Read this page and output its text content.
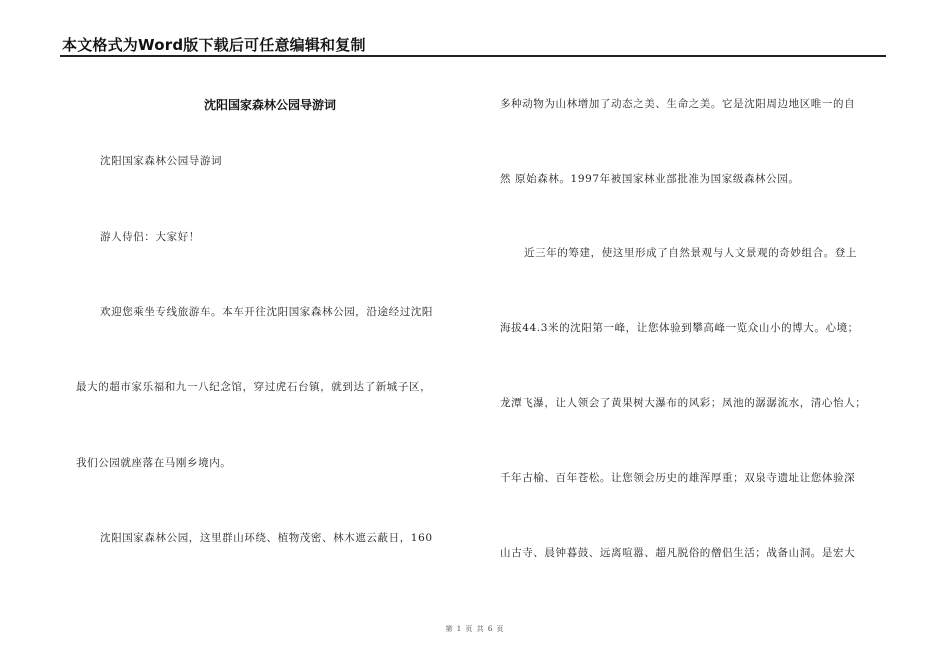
本文格式为Word版下载后可任意编辑和复制
沈阳国家森林公园导游词
沈阳国家森林公园导游词
游人侍侣：大家好！
欢迎您乘坐专线旅游车。本车开往沈阳国家森林公园，沿途经过沈阳
最大的超市家乐福和九一八纪念馆，穿过虎石台镇，就到达了新城子区，
我们公园就座落在马刚乡境内。
沈阳国家森林公园，这里群山环绕、植物茂密、林木遮云蔽日，160
多种动物为山林增加了动态之美、生命之美。它是沈阳周边地区唯一的自
然 原始森林。1997年被国家林业部批准为国家级森林公园。
近三年的筹建，使这里形成了自然景观与人文景观的奇妙组合。登上
海拔44.3米的沈阳第一峰，让您体验到攀高峰一览众山小的博大。心境；
龙潭飞瀑，让人领会了黄果树大瀑布的风彩；凤池的潺潺流水，清心怡人；
千年古榆、百年苍松。让您领会历史的雄浑厚重；双泉寺遗址让您体验深
山古寺、晨钟暮鼓、远离喧嚣、超凡脱俗的僧侣生活；战备山洞。是宏大
第 1 页 共 6 页
